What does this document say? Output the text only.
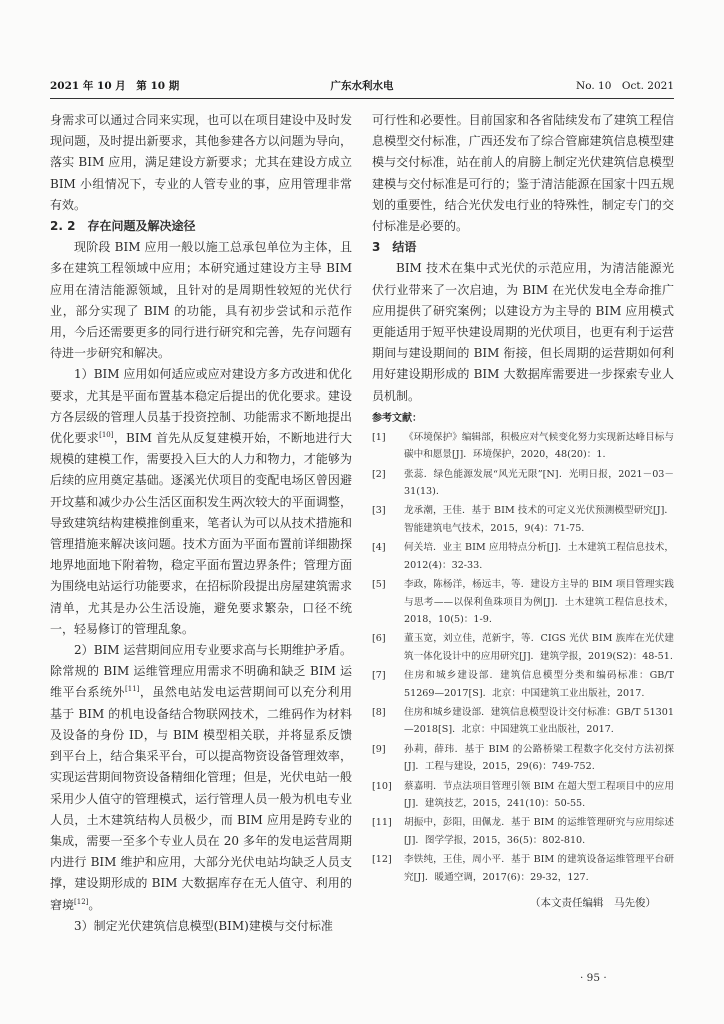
2021 年 10 月　第 10 期	广东水利水电	No. 10　Oct. 2021

身需求可以通过合同来实现，也可以在项目建设中及时发现问题，及时提出新要求，其他参建各方以问题为导向，落实 BIM 应用，满足建设方新要求；尤其在建设方成立 BIM 小组情况下，专业的人管专业的事，应用管理非常有效。

2. 2 存在问题及解决途径

现阶段 BIM 应用一般以施工总承包单位为主体，且多在建筑工程领域中应用；本研究通过建设方主导 BIM 应用在清洁能源领域，且针对的是周期性较短的光伏行业，部分实现了 BIM 的功能，具有初步尝试和示范作用，今后还需要更多的同行进行研究和完善，先存问题有待进一步研究和解决。

1）BIM 应用如何适应或应对建设方多方改进和优化要求，尤其是平面布置基本稳定后提出的优化要求。建设方各层级的管理人员基于投资控制、功能需求不断地提出优化要求[10]，BIM 首先从反复建模开始，不断地进行大规模的建模工作，需要投入巨大的人力和物力，才能够为后续的应用奠定基础。逐溪光伏项目的变配电场区曾因避开坟墓和减少办公生活区面积发生两次较大的平面调整，导致建筑结构建模推倒重来，笔者认为可以从技术措施和管理措施来解决该问题。技术方面为平面布置前详细勘探地界地面地下附着物，稳定平面布置边界条件；管理方面为围绕电站运行功能要求，在招标阶段提出房屋建筑需求清单，尤其是办公生活设施，避免要求繁杂，口径不统一，轻易修订的管理乱象。

2）BIM 运营期间应用专业要求高与长期维护矛盾。除常规的 BIM 运维管理应用需求不明确和缺乏 BIM 运维平台系统外[11]，虽然电站发电运营期间可以充分利用基于 BIM 的机电设备结合物联网技术，二维码作为材料及设备的身份 ID，与 BIM 模型相关联，并将显系反馈到平台上，结合集采平台，可以提高物资设备管理效率，实现运营期间物资设备精细化管理；但是，光伏电站一般采用少人值守的管理模式，运行管理人员一般为机电专业人员，土木建筑结构人员极少，而 BIM 应用是跨专业的集成，需要一至多个专业人员在 20 多年的发电运营周期内进行 BIM 维护和应用，大部分光伏电站均缺乏人员支撑，建设期形成的 BIM 大数据库存在无人值守、利用的窘境[12]。

3）制定光伏建筑信息模型(BIM)建模与交付标准

可行性和必要性。目前国家和各省陆续发布了建筑工程信息模型交付标准，广西还发布了综合管廊建筑信息模型建模与交付标准，站在前人的肩膀上制定光伏建筑信息模型建模与交付标准是可行的；鉴于清洁能源在国家十四五规划的重要性，结合光伏发电行业的特殊性，制定专门的交付标准是必要的。

3 结语

BIM 技术在集中式光伏的示范应用，为清洁能源光伏行业带来了一次启迪，为 BIM 在光伏发电全寿命推广应用提供了研究案例；以建设方为主导的 BIM 应用模式更能适用于短平快建设周期的光伏项目，也更有利于运营期间与建设期间的 BIM 衔接，但长周期的运营期如何利用好建设期形成的 BIM 大数据库需要进一步探索专业人员机制。

参考文献：

[1] 《环境保护》编辑部，积极应对气候变化努力实现新达峰目标与碳中和愿景[J]．环境保护，2020，48(20)：1.
[2] 张蕊．绿色能源发展“风光无限”[N]．光明日报，2021－03－31(13).
[3] 龙承潮，王佳．基于 BIM 技术的可定义光伏预测模型研究[J]．智能建筑电气技术，2015，9(4)：71-75.
[4] 何关培．业主 BIM 应用特点分析[J]．土木建筑工程信息技术，2012(4)：32-33.
[5] 李政，陈杨洋，杨远丰，等．建设方主导的 BIM 项目管理实践与思考——以保利鱼珠项目为例[J]．土木建筑工程信息技术，2018，10(5)：1-9.
[6] 董玉宽，刘立佳，范新宇，等．CIGS 光伏 BIM 族库在光伏建筑一体化设计中的应用研究[J]．建筑学报，2019(S2)：48-51.
[7] 住房和城乡建设部．建筑信息模型分类和编码标准：GB/T 51269—2017[S]．北京：中国建筑工业出版社，2017.
[8] 住房和城乡建设部．建筑信息模型设计交付标准：GB/T 51301—2018[S]．北京：中国建筑工业出版社，2017.
[9] 孙莉，薛玮．基于 BIM 的公路桥梁工程数字化交付方法初探[J]．工程与建设，2015，29(6)：749-752.
[10] 蔡嘉明．节点法项目管理引领 BIM 在超大型工程项目中的应用[J]．建筑技艺，2015，241(10)：50-55.
[11] 胡振中，彭阳，田佩龙．基于 BIM 的运维管理研究与应用综述[J]．图学学报，2015，36(5)：802-810.
[12] 李铁纯，王佳，周小平．基于 BIM 的建筑设备运维管理平台研究[J]．暖通空调，2017(6)：29-32，127.
（本文责任编辑　马先俊）
· 95 ·
